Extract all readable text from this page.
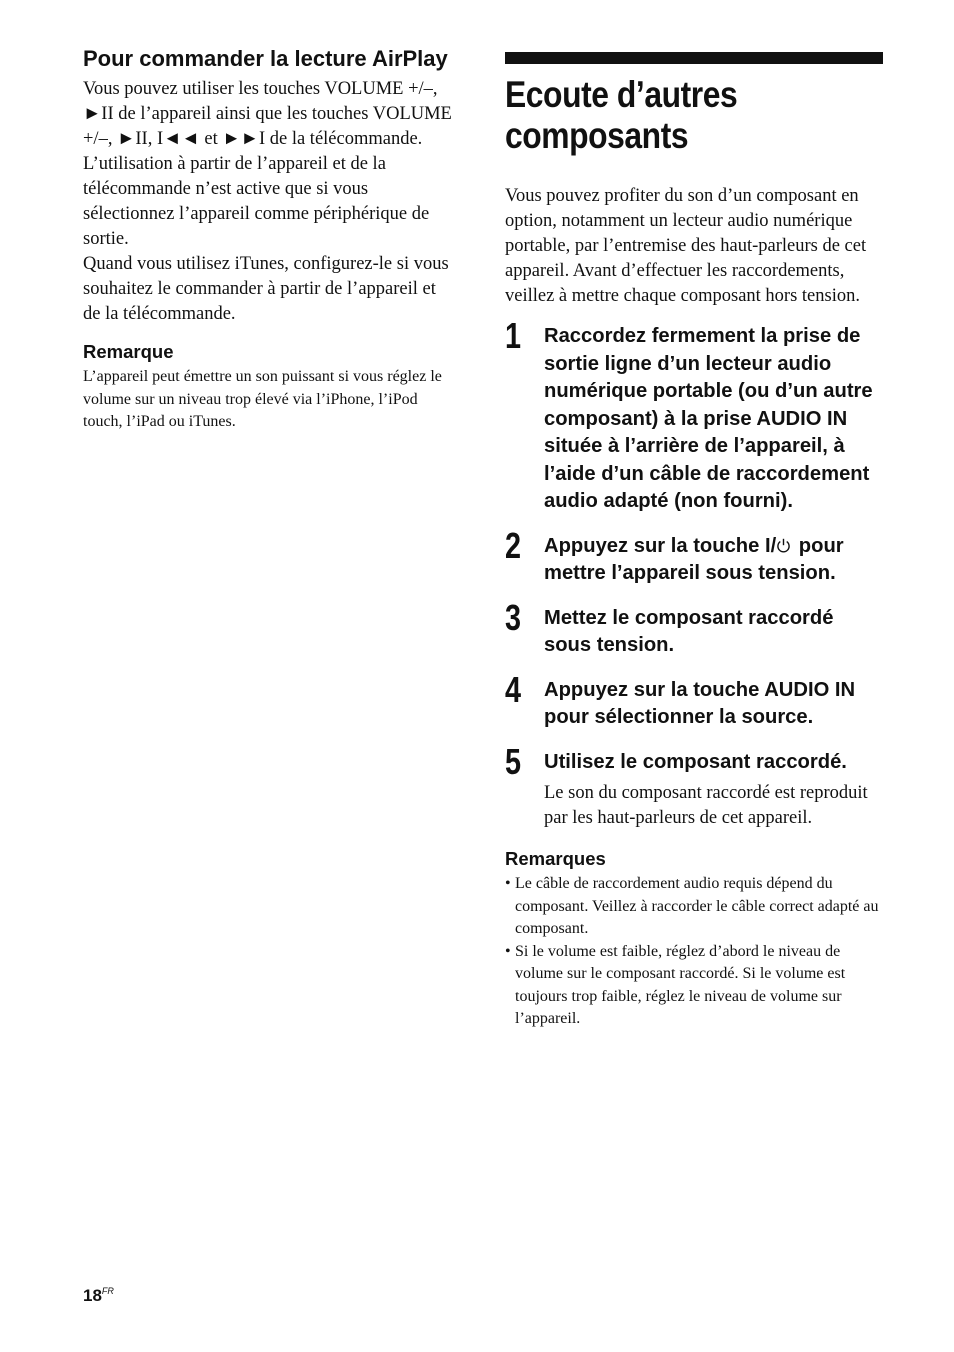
Pour commander la lecture AirPlay

Vous pouvez utiliser les touches VOLUME +/–, ►II de l’appareil ainsi que les touches VOLUME +/–, ►II, I◄◄ et ►►I de la télécommande. L’utilisation à partir de l’appareil et de la télécommande n’est active que si vous sélectionnez l’appareil comme périphérique de sortie.

Quand vous utilisez iTunes, configurez-le si vous souhaitez le commander à partir de l’appareil et de la télécommande.

Remarque

L’appareil peut émettre un son puissant si vous réglez le volume sur un niveau trop élevé via l’iPhone, l’iPod touch, l’iPad ou iTunes.

Ecoute d’autres composants

Vous pouvez profiter du son d’un composant en option, notamment un lecteur audio numérique portable, par l’entremise des haut-parleurs de cet appareil. Avant d’effectuer les raccordements, veillez à mettre chaque composant hors tension.

1 Raccordez fermement la prise de sortie ligne d’un lecteur audio numérique portable (ou d’un autre composant) à la prise AUDIO IN située à l’arrière de l’appareil, à l’aide d’un câble de raccordement audio adapté (non fourni).

2 Appuyez sur la touche I/
pour mettre l’appareil sous tension.

3 Mettez le composant raccordé sous tension.

4 Appuyez sur la touche AUDIO IN pour sélectionner la source.

5 Utilisez le composant raccordé.

Le son du composant raccordé est reproduit par les haut-parleurs de cet appareil.

Remarques
• Le câble de raccordement audio requis dépend du composant. Veillez à raccorder le câble correct adapté au composant.
• Si le volume est faible, réglez d’abord le niveau de volume sur le composant raccordé. Si le volume est toujours trop faible, réglez le niveau de volume sur l’appareil.
$18^{FR}$
